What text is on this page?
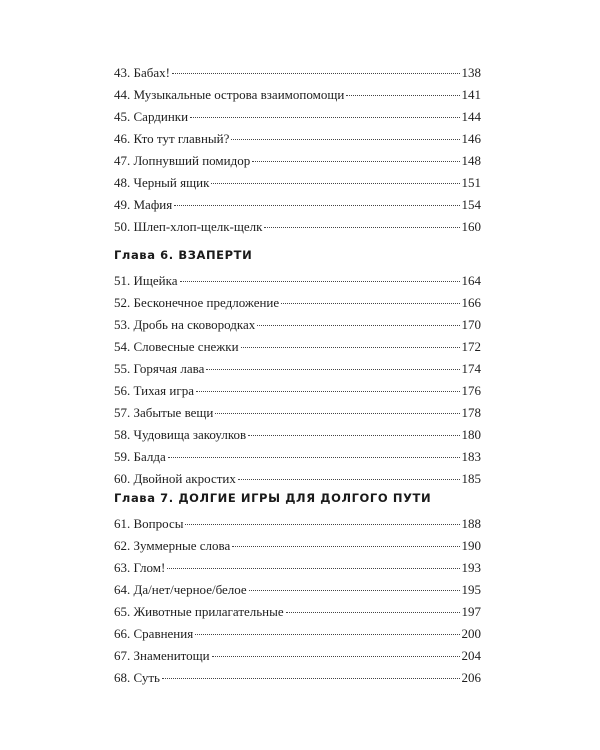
43. Бабах!	138
44. Музыкальные острова взаимопомощи	141
45. Сардинки	144
46. Кто тут главный?	146
47. Лопнувший помидор	148
48. Черный ящик	151
49. Мафия	154
50. Шлеп-хлоп-щелк-щелк	160
Глава 6. ВЗАПЕРТИ
51. Ищейка	164
52. Бесконечное предложение	166
53. Дробь на сковородках	170
54. Словесные снежки	172
55. Горячая лава	174
56. Тихая игра	176
57. Забытые вещи	178
58. Чудовища закоулков	180
59. Балда	183
60. Двойной акростих	185
Глава 7. ДОЛГИЕ ИГРЫ ДЛЯ ДОЛГОГО ПУТИ
61. Вопросы	188
62. Зуммерные слова	190
63. Глом!	193
64. Да/нет/черное/белое	195
65. Животные прилагательные	197
66. Сравнения	200
67. Знаменитощи	204
68. Суть	206
